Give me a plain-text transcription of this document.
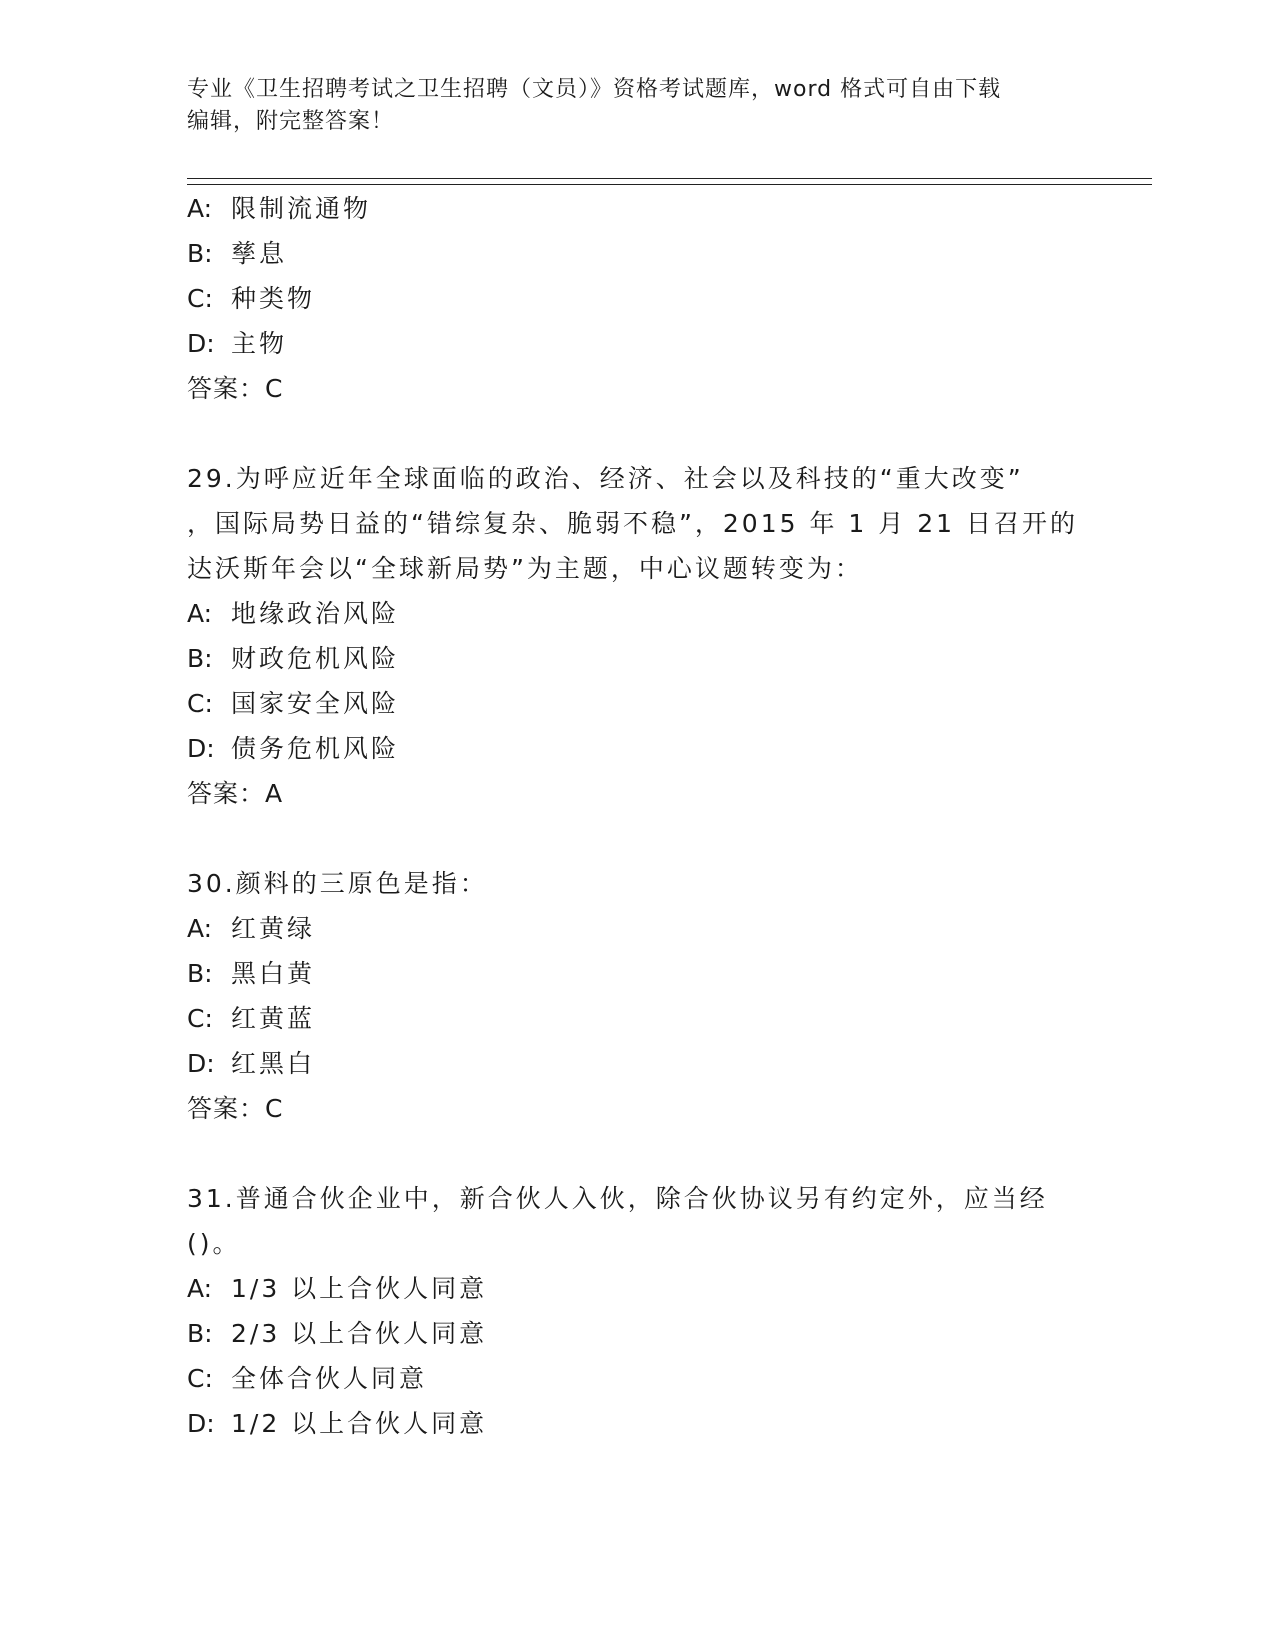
专业《卫生招聘考试之卫生招聘（文员）》资格考试题库，word 格式可自由下载

编辑，附完整答案！

A: 限制流通物
B: 孳息
C: 种类物
D: 主物
答案：C
29.为呼应近年全球面临的政治、经济、社会以及科技的“重大改变”
，国际局势日益的“错综复杂、脆弱不稳”，2015 年 1 月 21 日召开的
达沃斯年会以“全球新局势”为主题，中心议题转变为：
A: 地缘政治风险
B: 财政危机风险
C: 国家安全风险
D: 债务危机风险
答案：A
30.颜料的三原色是指：
A: 红黄绿
B: 黑白黄
C: 红黄蓝
D: 红黑白
答案：C
31.普通合伙企业中，新合伙人入伙，除合伙协议另有约定外，应当经
()。
A: 1/3 以上合伙人同意
B: 2/3 以上合伙人同意
C: 全体合伙人同意
D: 1/2 以上合伙人同意
